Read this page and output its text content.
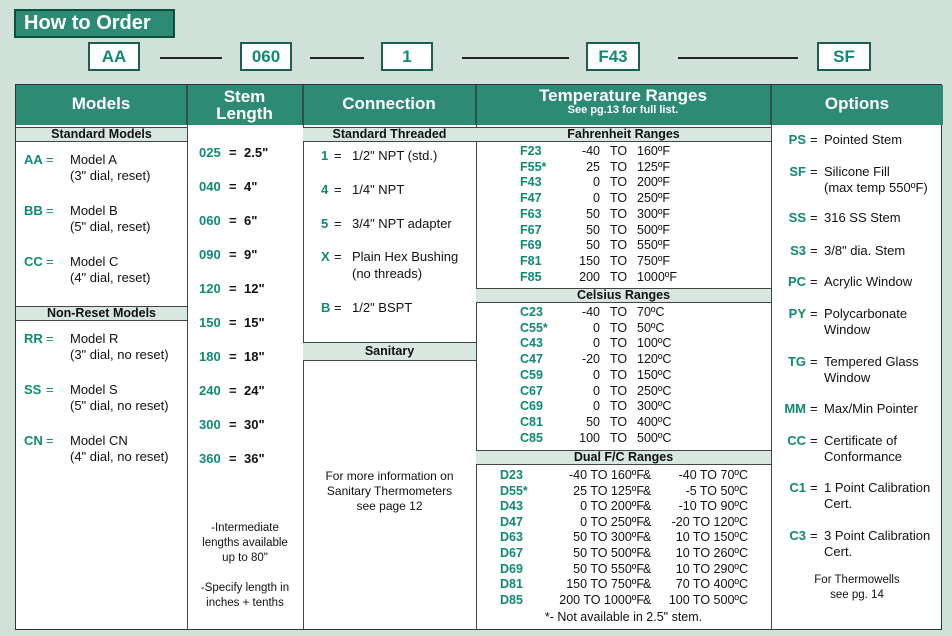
How to Order
AA	060	1	F43	SF
Models	Stem
Length
Connection	Temperature Ranges
See pg.13 for full list.	Options
Standard Models
AA = Model A
(3" dial, reset)
BB = Model B
(5" dial, reset)
CC = Model C
(4" dial, reset)
Non-Reset Models
RR = Model R
(3" dial, no reset)
SS = Model S
(5" dial, no reset)
CN = Model CN
(4" dial, no reset)
025 = 2.5"
040 = 4"
060 = 6"
090 = 9"
120 = 12"
150 = 15"
180 = 18"
240 = 24"
300 = 30"
360 = 36"
-Intermediate
lengths available
up to 80"

-Specify length in
inches + tenths
Standard Threaded
1 = 1/2" NPT (std.)
4 = 1/4" NPT
5 = 3/4" NPT adapter
X = Plain Hex Bushing
(no threads)
B = 1/2" BSPT
Sanitary
For more information on
Sanitary Thermometers
see page 12
Fahrenheit Ranges
F23	-40 TO 160ºF
F55*	25 TO 125ºF
F43	0 TO 200ºF
F47	0 TO 250ºF
F63	50 TO 300ºF
F67	50 TO 500ºF
F69	50 TO 550ºF
F81	150 TO 750ºF
F85	200 TO 1000ºF
Celsius Ranges
C23	-40 TO 70ºC
C55*	0 TO 50ºC
C43	0 TO 100ºC
C47	-20 TO 120ºC
C59	0 TO 150ºC
C67	0 TO 250ºC
C69	0 TO 300ºC
C81	50 TO 400ºC
C85	100 TO 500ºC
Dual F/C Ranges
D23	-40 TO 160ºF &	-40 TO 70ºC
D55*	25 TO 125ºF &	-5 TO 50ºC
D43	0 TO 200ºF &	-10 TO 90ºC
D47	0 TO 250ºF &	-20 TO 120ºC
D63	50 TO 300ºF &	10 TO 150ºC
D67	50 TO 500ºF &	10 TO 260ºC
D69	50 TO 550ºF &	10 TO 290ºC
D81	150 TO 750ºF &	70 TO 400ºC
D85	200 TO 1000ºF &	100 TO 500ºC
*- Not available in 2.5" stem.
PS = Pointed Stem
SF = Silicone Fill
(max temp 550ºF)
SS = 316 SS Stem
S3 = 3/8" dia. Stem
PC = Acrylic Window
PY = Polycarbonate
Window
TG = Tempered Glass
Window
MM = Max/Min Pointer
CC = Certificate of
Conformance
C1 = 1 Point Calibration
Cert.
C3 = 3 Point Calibration
Cert.
For Thermowells
see pg. 14
